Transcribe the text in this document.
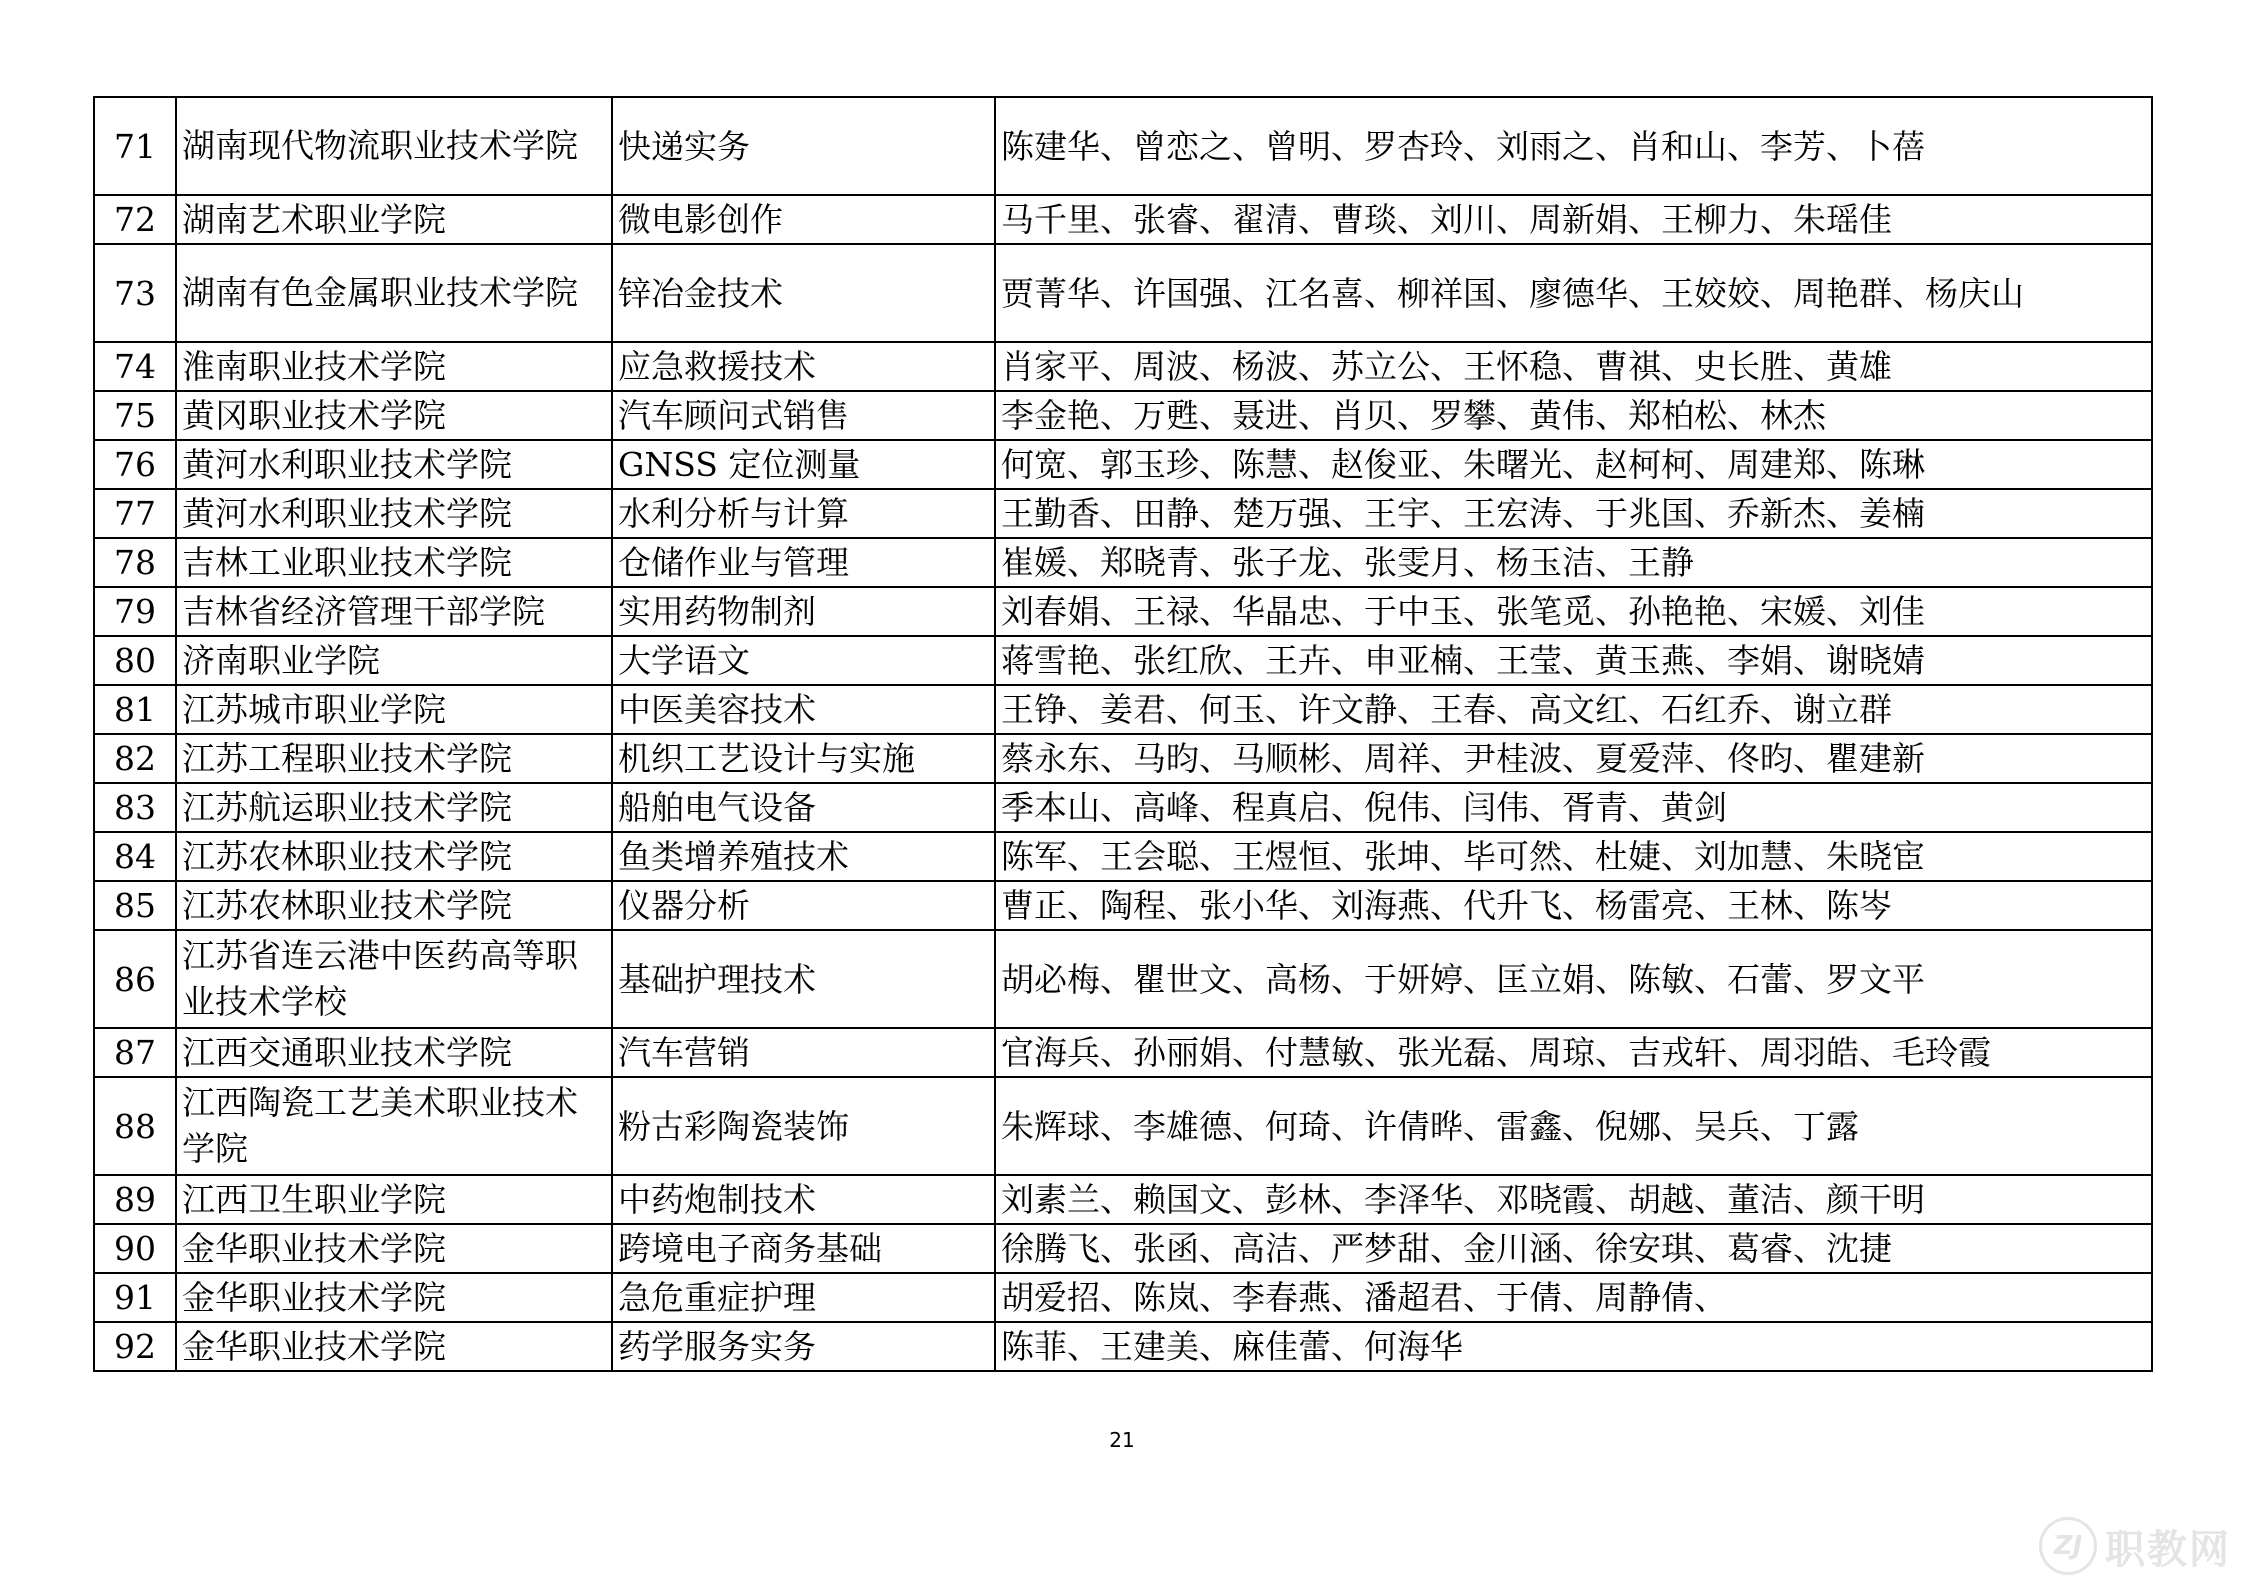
71	湖南现代物流职业技术学院	快递实务	陈建华、曾恋之、曾明、罗杏玲、刘雨之、肖和山、李芳、卜蓓
72	湖南艺术职业学院	微电影创作	马千里、张睿、翟清、曹琰、刘川、周新娟、王柳力、朱瑶佳
73	湖南有色金属职业技术学院	锌冶金技术	贾菁华、许国强、江名喜、柳祥国、廖德华、王姣姣、周艳群、杨庆山
74	淮南职业技术学院	应急救援技术	肖家平、周波、杨波、苏立公、王怀稳、曹祺、史长胜、黄雄
75	黄冈职业技术学院	汽车顾问式销售	李金艳、万甦、聂进、肖贝、罗攀、黄伟、郑柏松、林杰
76	黄河水利职业技术学院	GNSS 定位测量	何宽、郭玉珍、陈慧、赵俊亚、朱曙光、赵柯柯、周建郑、陈琳
77	黄河水利职业技术学院	水利分析与计算	王勤香、田静、楚万强、王宇、王宏涛、于兆国、乔新杰、姜楠
78	吉林工业职业技术学院	仓储作业与管理	崔媛、郑晓青、张子龙、张雯月、杨玉洁、王静
79	吉林省经济管理干部学院	实用药物制剂	刘春娟、王禄、华晶忠、于中玉、张笔觅、孙艳艳、宋媛、刘佳
80	济南职业学院	大学语文	蒋雪艳、张红欣、王卉、申亚楠、王莹、黄玉燕、李娟、谢晓婧
81	江苏城市职业学院	中医美容技术	王铮、姜君、何玉、许文静、王春、高文红、石红乔、谢立群
82	江苏工程职业技术学院	机织工艺设计与实施	蔡永东、马昀、马顺彬、周祥、尹桂波、夏爱萍、佟昀、瞿建新
83	江苏航运职业技术学院	船舶电气设备	季本山、高峰、程真启、倪伟、闫伟、胥青、黄剑
84	江苏农林职业技术学院	鱼类增养殖技术	陈军、王会聪、王煜恒、张坤、毕可然、杜婕、刘加慧、朱晓宦
85	江苏农林职业技术学院	仪器分析	曹正、陶程、张小华、刘海燕、代升飞、杨雷亮、王林、陈岑
86	江苏省连云港中医药高等职业技术学校	基础护理技术	胡必梅、瞿世文、高杨、于妍婷、匡立娟、陈敏、石蕾、罗文平
87	江西交通职业技术学院	汽车营销	官海兵、孙丽娟、付慧敏、张光磊、周琼、吉戎轩、周羽皓、毛玲霞
88	江西陶瓷工艺美术职业技术学院	粉古彩陶瓷装饰	朱辉球、李雄德、何琦、许倩晔、雷鑫、倪娜、吴兵、丁露
89	江西卫生职业学院	中药炮制技术	刘素兰、赖国文、彭林、李泽华、邓晓霞、胡越、董洁、颜干明
90	金华职业技术学院	跨境电子商务基础	徐腾飞、张函、高洁、严梦甜、金川涵、徐安琪、葛睿、沈捷
91	金华职业技术学院	急危重症护理	胡爱招、陈岚、李春燕、潘超君、于倩、周静倩、
92	金华职业技术学院	药学服务实务	陈菲、王建美、麻佳蕾、何海华
21
ZJ 职教网
